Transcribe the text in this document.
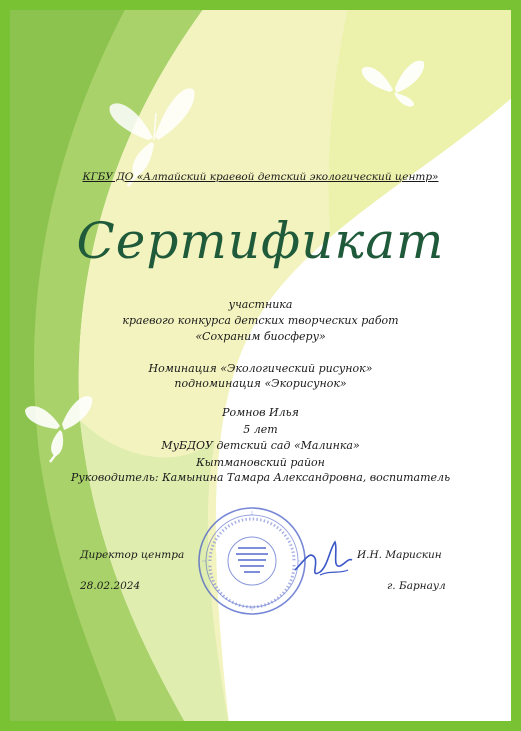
КГБУ ДО «Алтайский краевой детский экологический центр»
Сертификат
участника
краевого конкурса детских творческих работ
«Сохраним биосферу»
Номинация «Экологический рисунок»
подноминация «Экорисунок»
Ромнов Илья
5 лет
МуБДОУ детский сад «Малинка»
Кытмановский район
Руководитель: Камынина Тамара Александровна, воспитатель
Директор центра	И.Н. Марискин
28.02.2024	г. Барнаул
